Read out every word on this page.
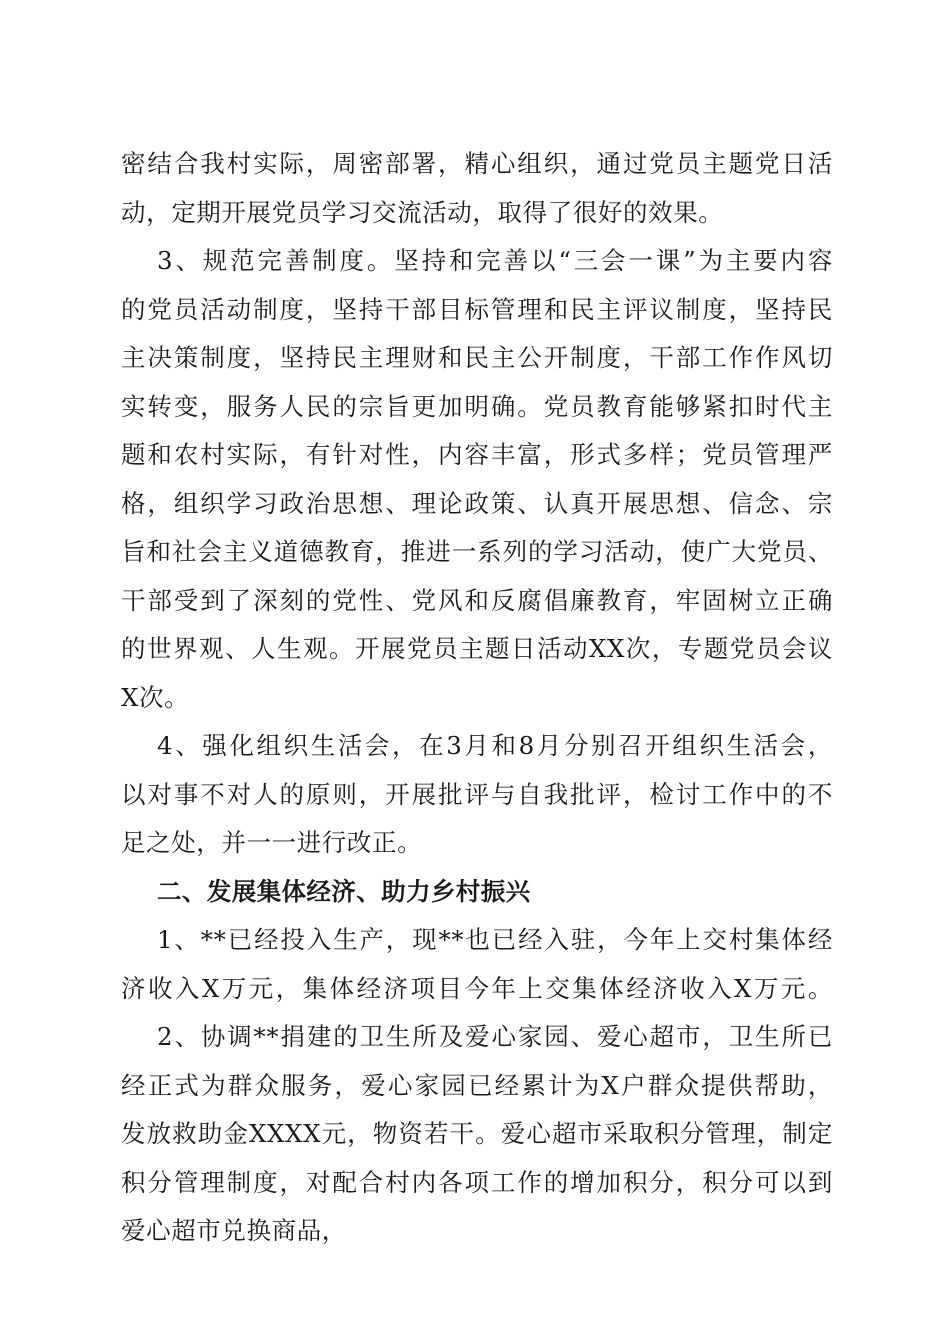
密结合我村实际，周密部署，精心组织，通过党员主题党日活
动，定期开展党员学习交流活动，取得了很好的效果。
3、规范完善制度。坚持和完善以“三会一课”为主要内容
的党员活动制度，坚持干部目标管理和民主评议制度，坚持民
主决策制度，坚持民主理财和民主公开制度，干部工作作风切
实转变，服务人民的宗旨更加明确。党员教育能够紧扣时代主
题和农村实际，有针对性，内容丰富，形式多样；党员管理严
格，组织学习政治思想、理论政策、认真开展思想、信念、宗
旨和社会主义道德教育，推进一系列的学习活动，使广大党员、
干部受到了深刻的党性、党风和反腐倡廉教育，牢固树立正确
的世界观、人生观。开展党员主题日活动XX次，专题党员会议
X次。
4、强化组织生活会，在3月和8月分别召开组织生活会，
以对事不对人的原则，开展批评与自我批评，检讨工作中的不
足之处，并一一进行改正。
二、发展集体经济、助力乡村振兴
1、**已经投入生产，现**也已经入驻，今年上交村集体经
济收入X万元，集体经济项目今年上交集体经济收入X万元。
2、协调**捐建的卫生所及爱心家园、爱心超市，卫生所已
经正式为群众服务，爱心家园已经累计为X户群众提供帮助，
发放救助金XXXX元，物资若干。爱心超市采取积分管理，制定
积分管理制度，对配合村内各项工作的增加积分，积分可以到
爱心超市兑换商品，
